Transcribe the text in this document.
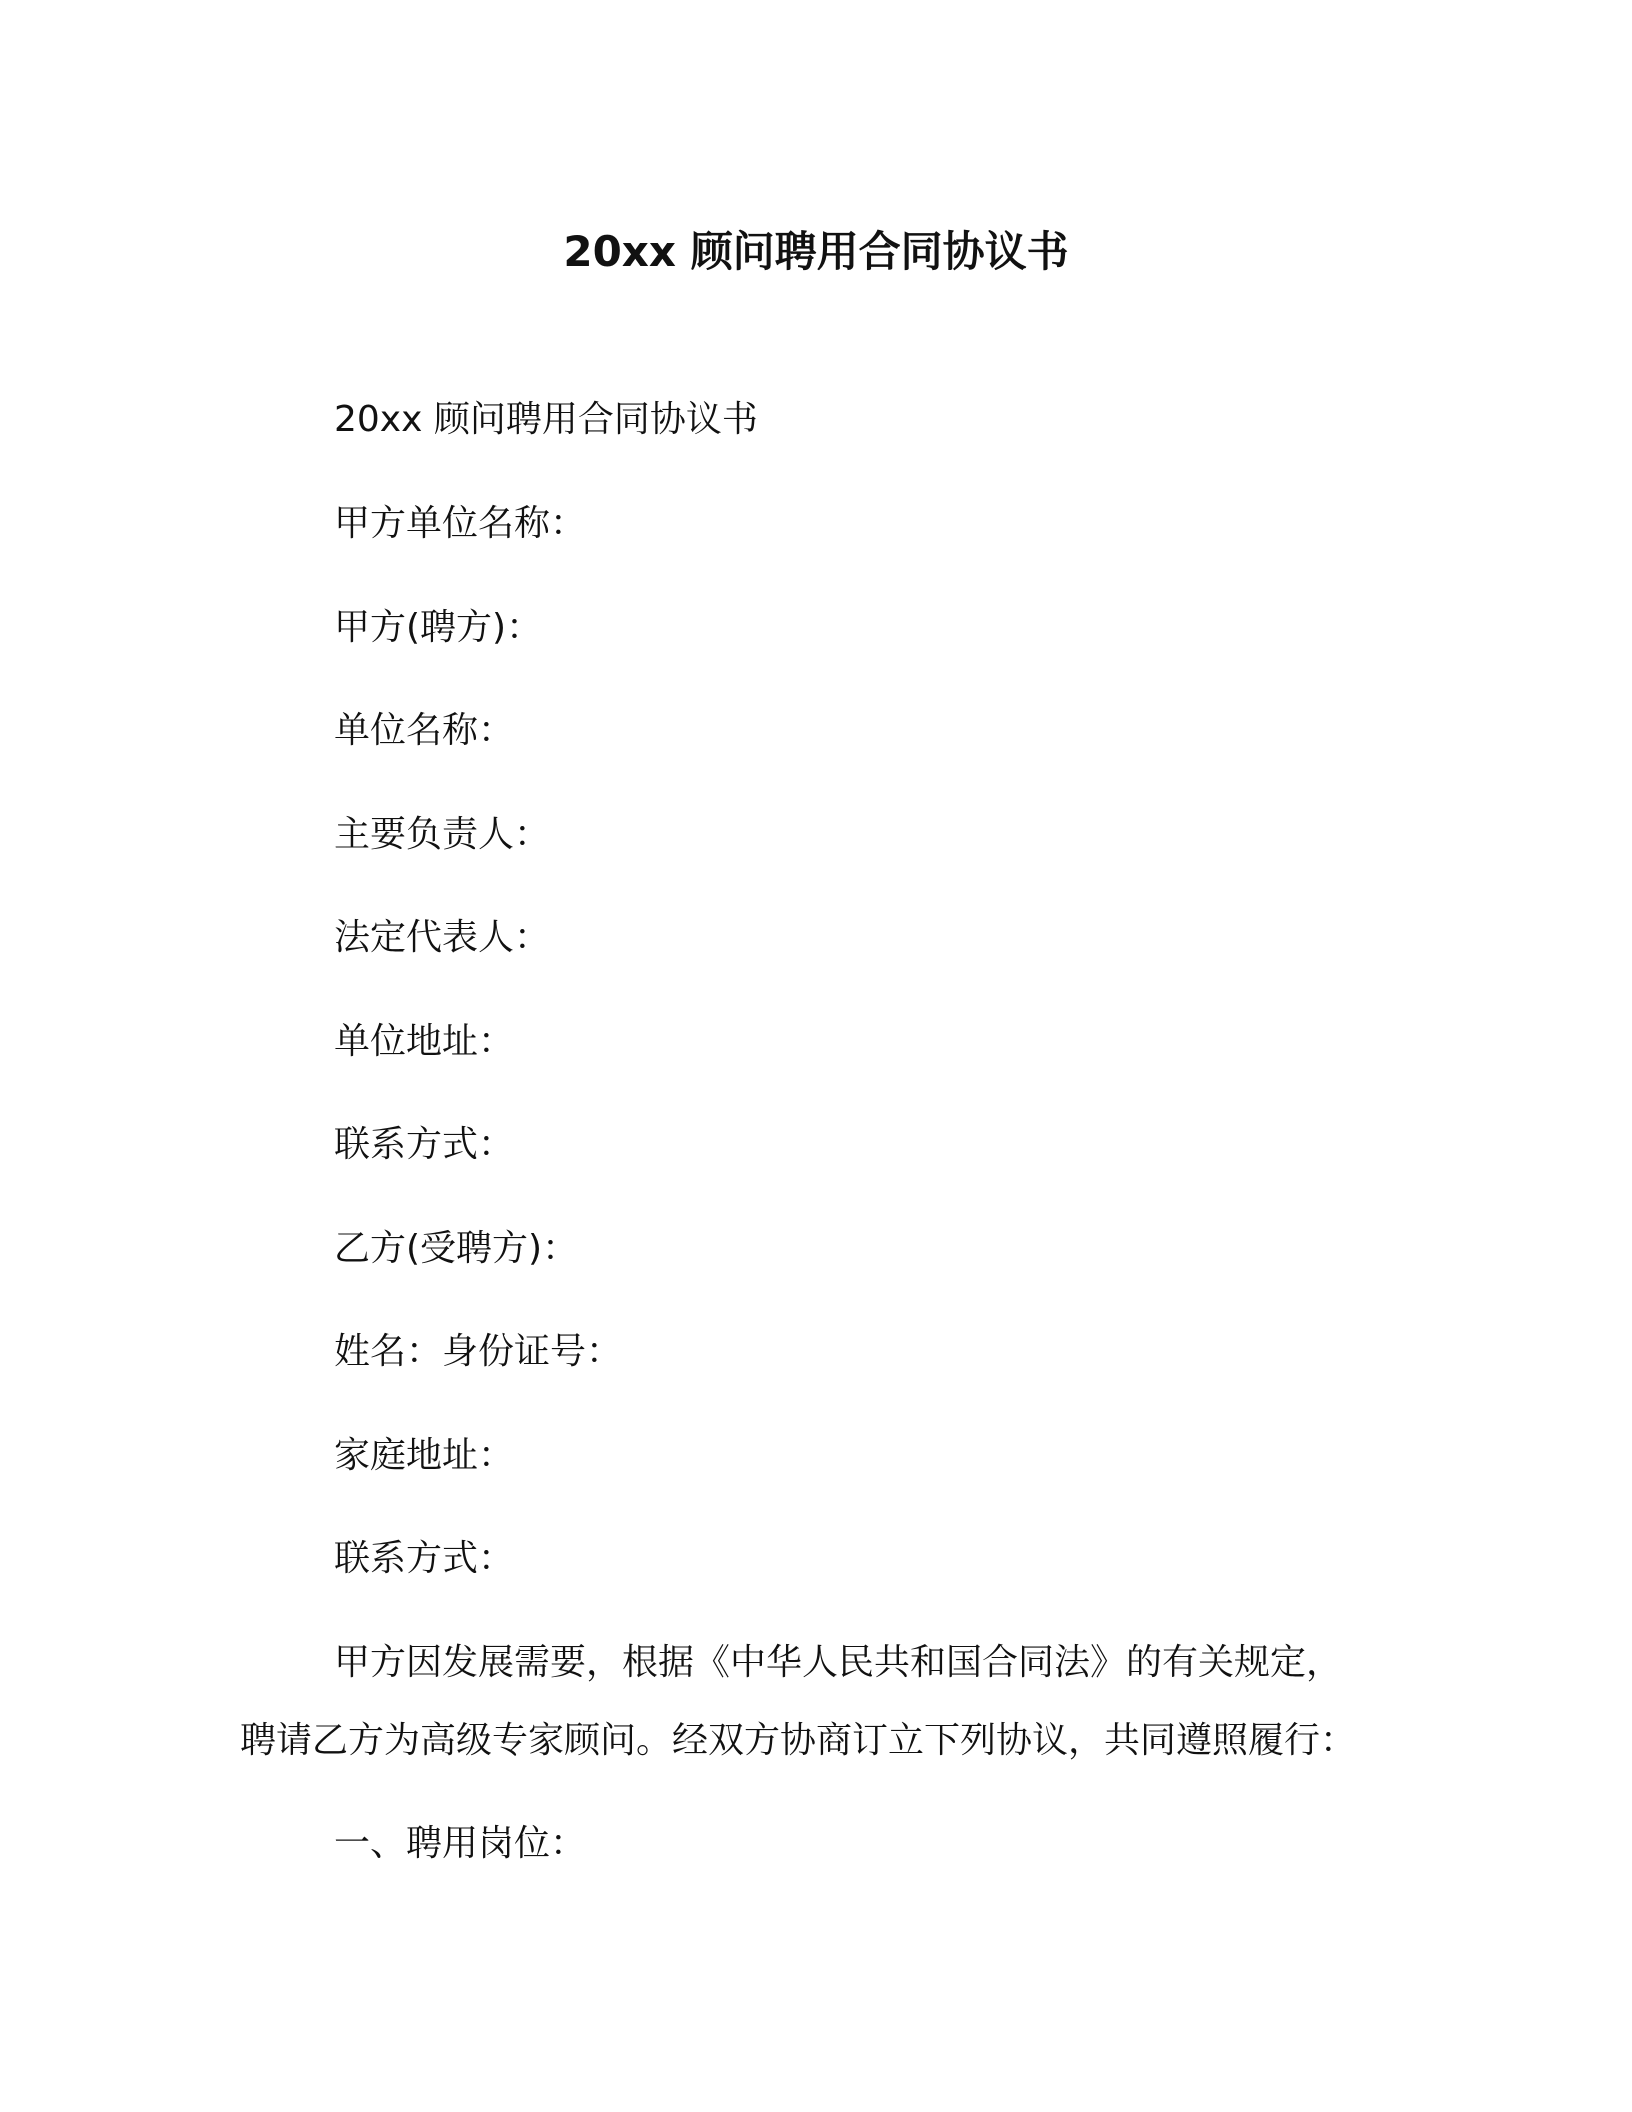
20xx 顾问聘用合同协议书
20xx 顾问聘用合同协议书
甲方单位名称：
甲方(聘方)：
单位名称：
主要负责人：
法定代表人：
单位地址：
联系方式：
乙方(受聘方)：
姓名：身份证号：
家庭地址：
联系方式：
甲方因发展需要，根据《中华人民共和国合同法》的有关规定，
聘请乙方为高级专家顾问。经双方协商订立下列协议，共同遵照履行：
一、聘用岗位：
